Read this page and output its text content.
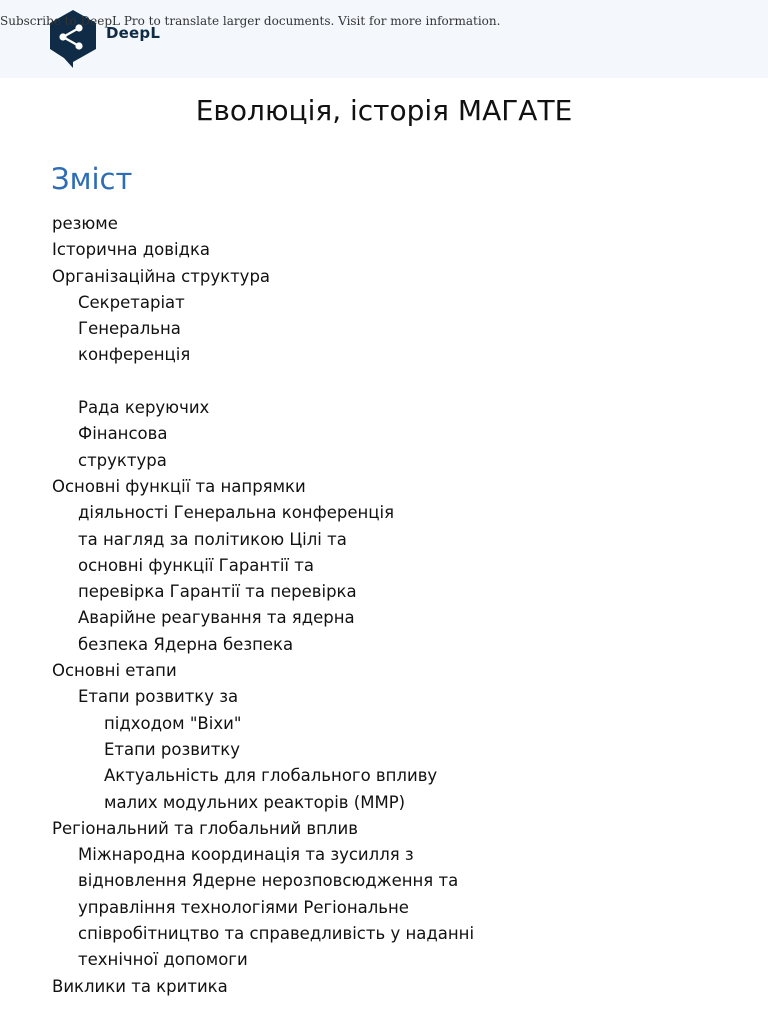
DeepL
Subscribe to DeepL Pro to translate larger documents. Visit for more information.
Еволюція, історія МАГАТЕ
Зміст
резюме
Історична довідка
Організаційна структура
Секретаріат
Генеральна
конференція
Рада керуючих
Фінансова
структура
Основні функції та напрямки
діяльності Генеральна конференція
та нагляд за політикою Цілі та
основні функції Гарантії та
перевірка Гарантії та перевірка
Аварійне реагування та ядерна
безпека Ядерна безпека
Основні етапи
Етапи розвитку за
підходом "Віхи"
Етапи розвитку
Актуальність для глобального впливу
малих модульних реакторів (ММР)
Регіональний та глобальний вплив
Міжнародна координація та зусилля з
відновлення Ядерне нерозповсюдження та
управління технологіями Регіональне
співробітництво та справедливість у наданні
технічної допомоги
Виклики та критика
